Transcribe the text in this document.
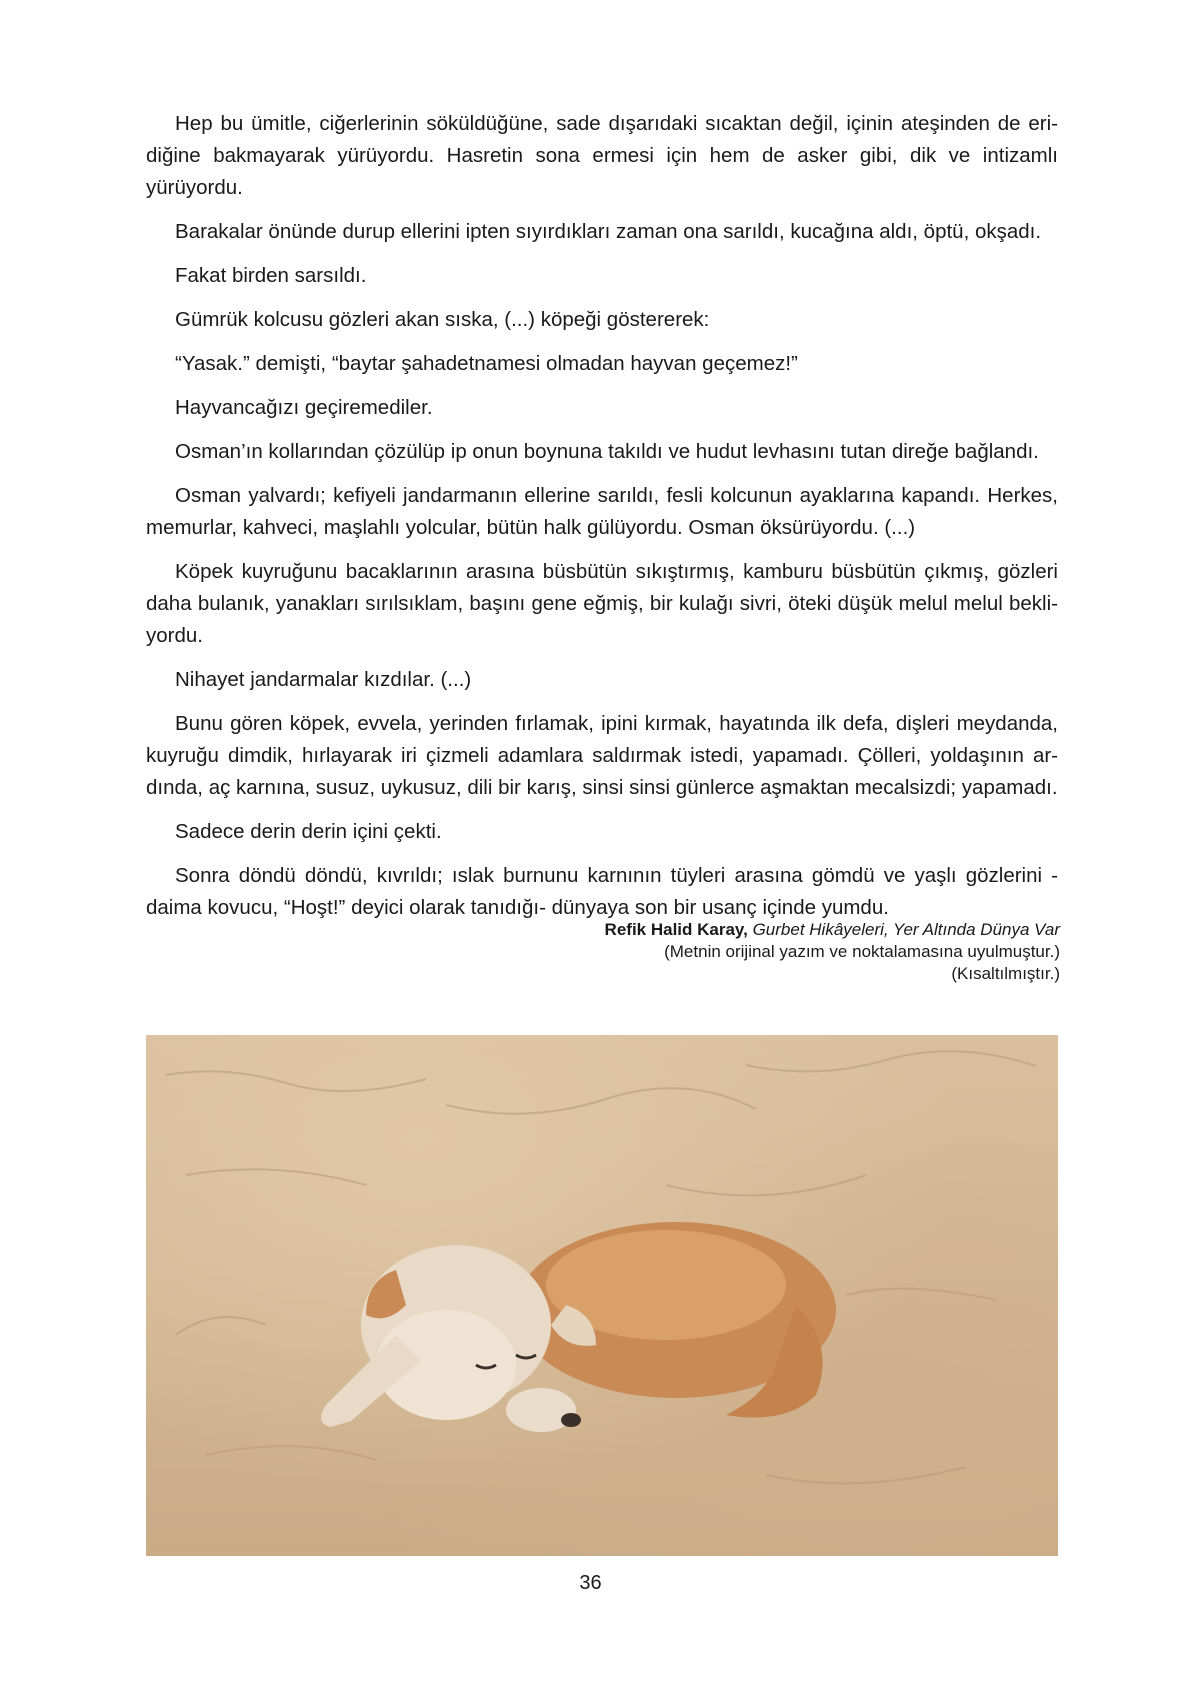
Hep bu ümitle, ciğerlerinin söküldüğüne, sade dışarıdaki sıcaktan değil, içinin ateşinden de eridiğine bakmayarak yürüyordu. Hasretin sona ermesi için hem de asker gibi, dik ve intizamlı yürüyordu.

Barakalar önünde durup ellerini ipten sıyırdıkları zaman ona sarıldı, kucağına aldı, öptü, okşadı.

Fakat birden sarsıldı.

Gümrük kolcusu gözleri akan sıska, (...) köpeği göstererek:

“Yasak.” demişti, “baytar şahadetnamesi olmadan hayvan geçemez!”

Hayvancağızı geçiremediler.

Osman’ın kollarından çözülüp ip onun boynuna takıldı ve hudut levhasını tutan direğe bağlandı.

Osman yalvardı; kefiyeli jandarmanın ellerine sarıldı, fesli kolcunun ayaklarına kapandı. Herkes, memurlar, kahveci, maşlahlı yolcular, bütün halk gülüyordu. Osman öksürüyordu. (...)

Köpek kuyruğunu bacaklarının arasına büsbütün sıkıştırmış, kamburu büsbütün çıkmış, gözleri daha bulanık, yanakları sırılsıklam, başını gene eğmiş, bir kulağı sivri, öteki düşük melul melul bekliyordu.

Nihayet jandarmalar kızdılar. (...)

Bunu gören köpek, evvela, yerinden fırlamak, ipini kırmak, hayatında ilk defa, dişleri meydanda, kuyruğu dimdik, hırlayarak iri çizmeli adamlara saldırmak istedi, yapamadı. Çölleri, yoldaşının ardında, aç karnına, susuz, uykusuz, dili bir karış, sinsi sinsi günlerce aşmaktan mecalsizdi; yapamadı.

Sadece derin derin içini çekti.

Sonra döndü döndü, kıvrıldı; ıslak burnunu karnının tüyleri arasına gömdü ve yaşlı gözlerini -daima kovucu, “Hoşt!” deyici olarak tanıdığı- dünyaya son bir usanç içinde yumdu.

Refik Halid Karay, Gurbet Hikâyeleri, Yer Altında Dünya Var
(Metnin orijinal yazım ve noktalamasına uyulmuştur.)
(Kısaltılmıştır.)
36
